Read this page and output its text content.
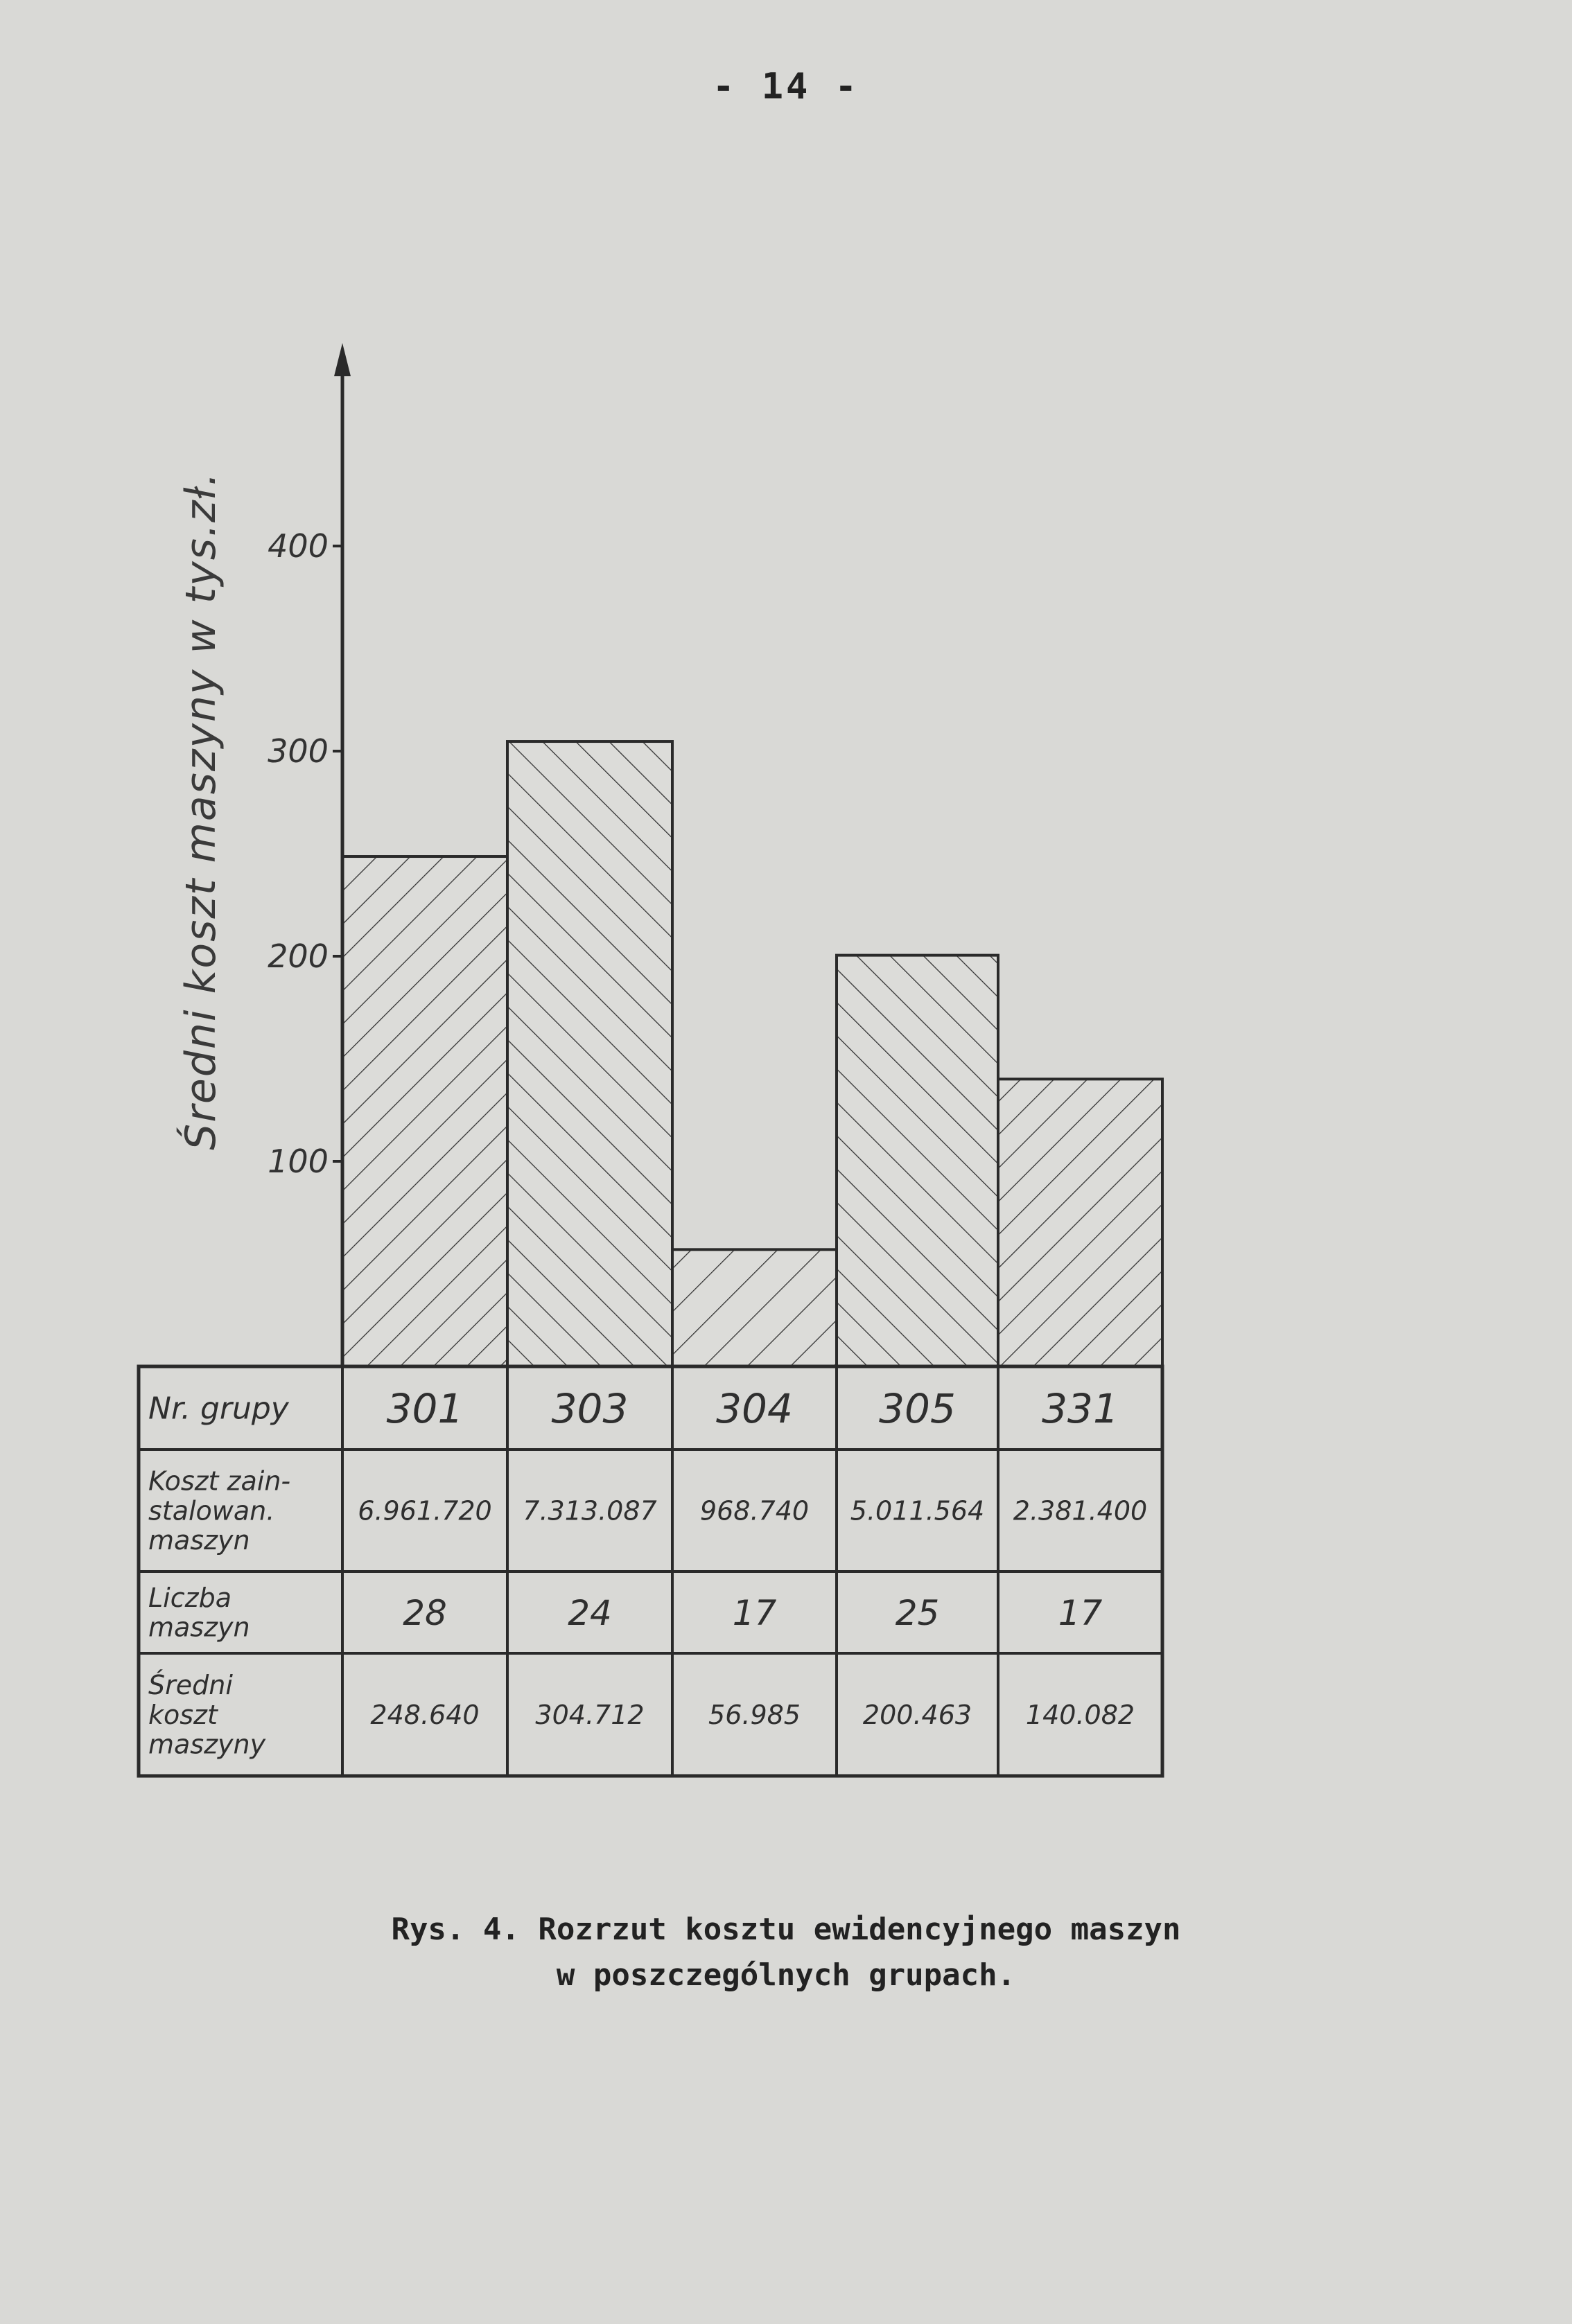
- 14 -
100
200
300
400
Średni koszt maszyny w tys.zł.
Nr. grupy 301 303 304 305 331
Koszt zain-
stalowan.
maszyn
6.961.720 7.313.087 968.740 5.011.564 2.381.400
Liczba
maszyn	28	24	17	25	17
Średni
koszt
maszyny
248.640 304.712 56.985 200.463 140.082
Rys. 4. Rozrzut kosztu ewidencyjnego maszyn
w poszczególnych grupach.
